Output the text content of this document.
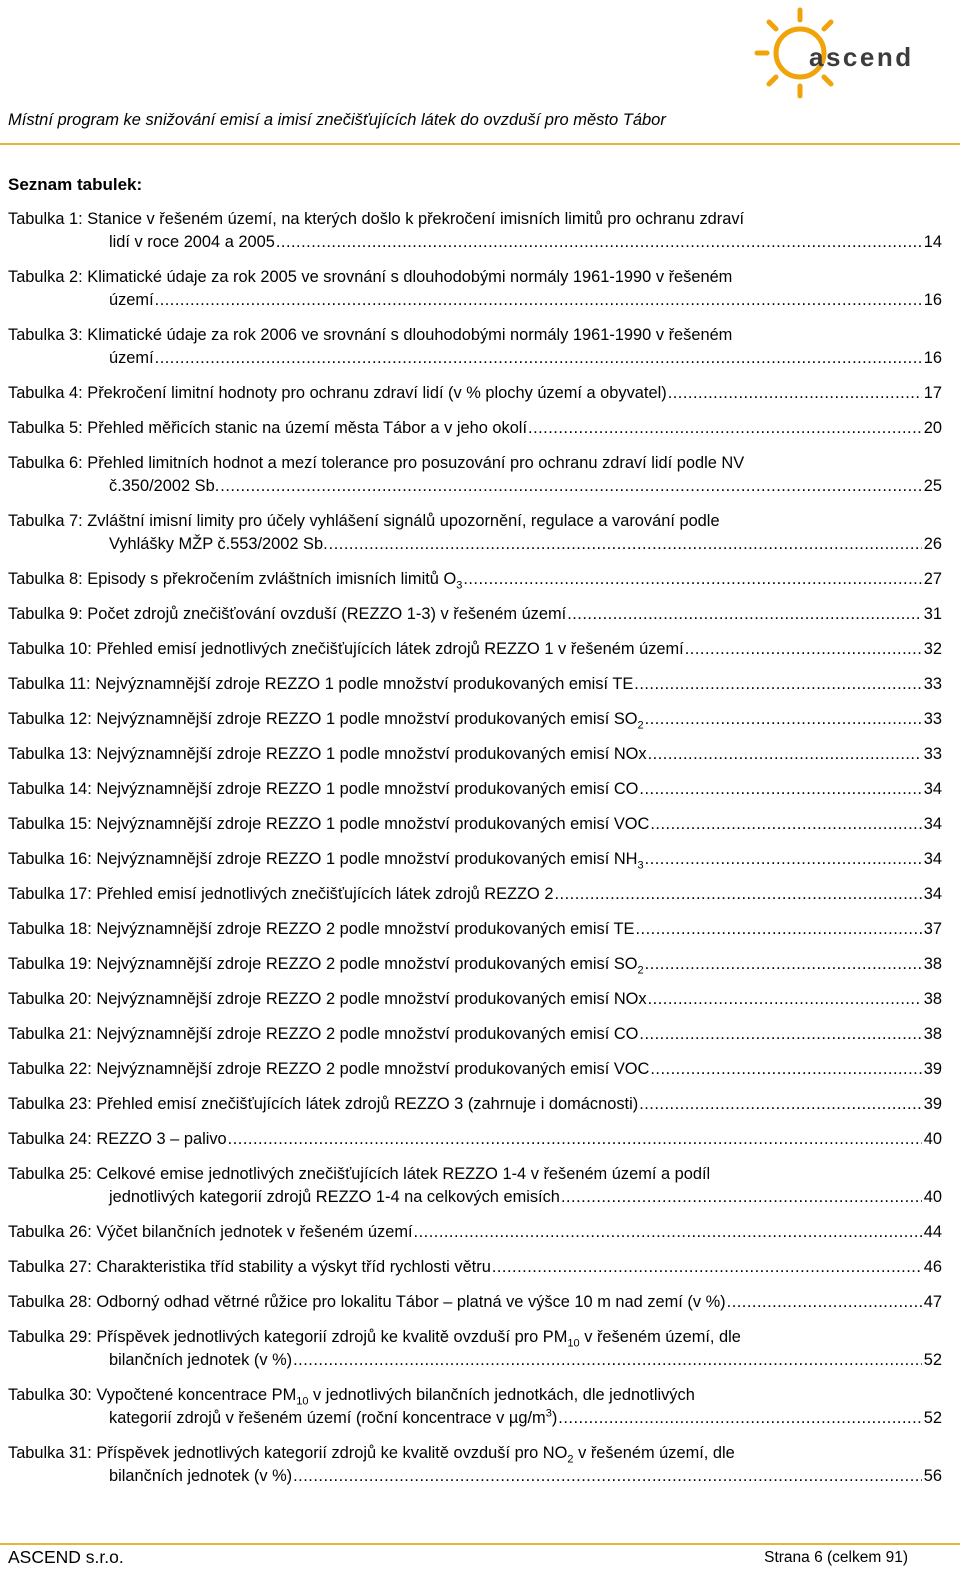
ascend
Místní program ke snižování emisí a imisí znečišťujících látek do ovzduší pro město Tábor
Seznam tabulek:
Tabulka 1: Stanice v řešeném území, na kterých došlo k překročení imisních limitů pro ochranu zdraví
lidí v roce 2004 a 2005 .....	14
Tabulka 2: Klimatické údaje za rok 2005 ve srovnání s dlouhodobými normály 1961-1990 v řešeném
území .....	16
Tabulka 3: Klimatické údaje za rok 2006 ve srovnání s dlouhodobými normály 1961-1990 v řešeném
území .....	16
Tabulka 4: Překročení limitní hodnoty pro ochranu zdraví lidí (v % plochy území a obyvatel) .....	17
Tabulka 5: Přehled měřicích stanic na území města Tábor a v jeho okolí .....	20
Tabulka 6: Přehled limitních hodnot a mezí tolerance pro posuzování pro ochranu zdraví lidí podle NV
č.350/2002 Sb. .....	25
Tabulka 7: Zvláštní imisní limity pro účely vyhlášení signálů upozornění, regulace a varování podle
Vyhlášky MŽP č.553/2002 Sb. .....	26
Tabulka 8: Episody s překročením zvláštních imisních limitů $O_3$ .....	27
Tabulka 9: Počet zdrojů znečišťování ovzduší (REZZO 1-3) v řešeném území .....	31
Tabulka 10: Přehled emisí jednotlivých znečišťujících látek zdrojů REZZO 1 v řešeném území .....	32
Tabulka 11: Nejvýznamnější zdroje REZZO 1 podle množství produkovaných emisí TE .....	33
Tabulka 12: Nejvýznamnější zdroje REZZO 1 podle množství produkovaných emisí $SO_2$ .....	33
Tabulka 13: Nejvýznamnější zdroje REZZO 1 podle množství produkovaných emisí NOx .....	33
Tabulka 14: Nejvýznamnější zdroje REZZO 1 podle množství produkovaných emisí CO .....	34
Tabulka 15: Nejvýznamnější zdroje REZZO 1 podle množství produkovaných emisí VOC .....	34
Tabulka 16: Nejvýznamnější zdroje REZZO 1 podle množství produkovaných emisí $NH_3$ .....	34
Tabulka 17: Přehled emisí jednotlivých znečišťujících látek zdrojů REZZO 2 .....	34
Tabulka 18: Nejvýznamnější zdroje REZZO 2 podle množství produkovaných emisí TE .....	37
Tabulka 19: Nejvýznamnější zdroje REZZO 2 podle množství produkovaných emisí $SO_2$ .....	38
Tabulka 20: Nejvýznamnější zdroje REZZO 2 podle množství produkovaných emisí NOx .....	38
Tabulka 21: Nejvýznamnější zdroje REZZO 2 podle množství produkovaných emisí CO .....	38
Tabulka 22: Nejvýznamnější zdroje REZZO 2 podle množství produkovaných emisí VOC .....	39
Tabulka 23: Přehled emisí znečišťujících látek zdrojů REZZO 3 (zahrnuje i domácnosti) .....	39
Tabulka 24: REZZO 3 – palivo .....	40
Tabulka 25: Celkové emise jednotlivých znečišťujících látek REZZO 1-4 v řešeném území a podíl
jednotlivých kategorií zdrojů REZZO 1-4 na celkových emisích .....	40
Tabulka 26: Výčet bilančních jednotek v řešeném území .....	44
Tabulka 27: Charakteristika tříd stability a výskyt tříd rychlosti větru .....	46
Tabulka 28: Odborný odhad větrné růžice pro lokalitu Tábor – platná ve výšce 10 m nad zemí (v %) .....	47
Tabulka 29: Příspěvek jednotlivých kategorií zdrojů ke kvalitě ovzduší pro $PM_{10}$ v řešeném území, dle
bilančních jednotek (v %) .....	52
Tabulka 30: Vypočtené koncentrace $PM_{10}$ v jednotlivých bilančních jednotkách, dle jednotlivých
kategorií zdrojů v řešeném území (roční koncentrace v $\mu g/m^3$) .....	52
Tabulka 31: Příspěvek jednotlivých kategorií zdrojů ke kvalitě ovzduší pro $NO_2$ v řešeném území, dle
bilančních jednotek (v %) .....	56
ASCEND s.r.o.	Strana 6 (celkem 91)
